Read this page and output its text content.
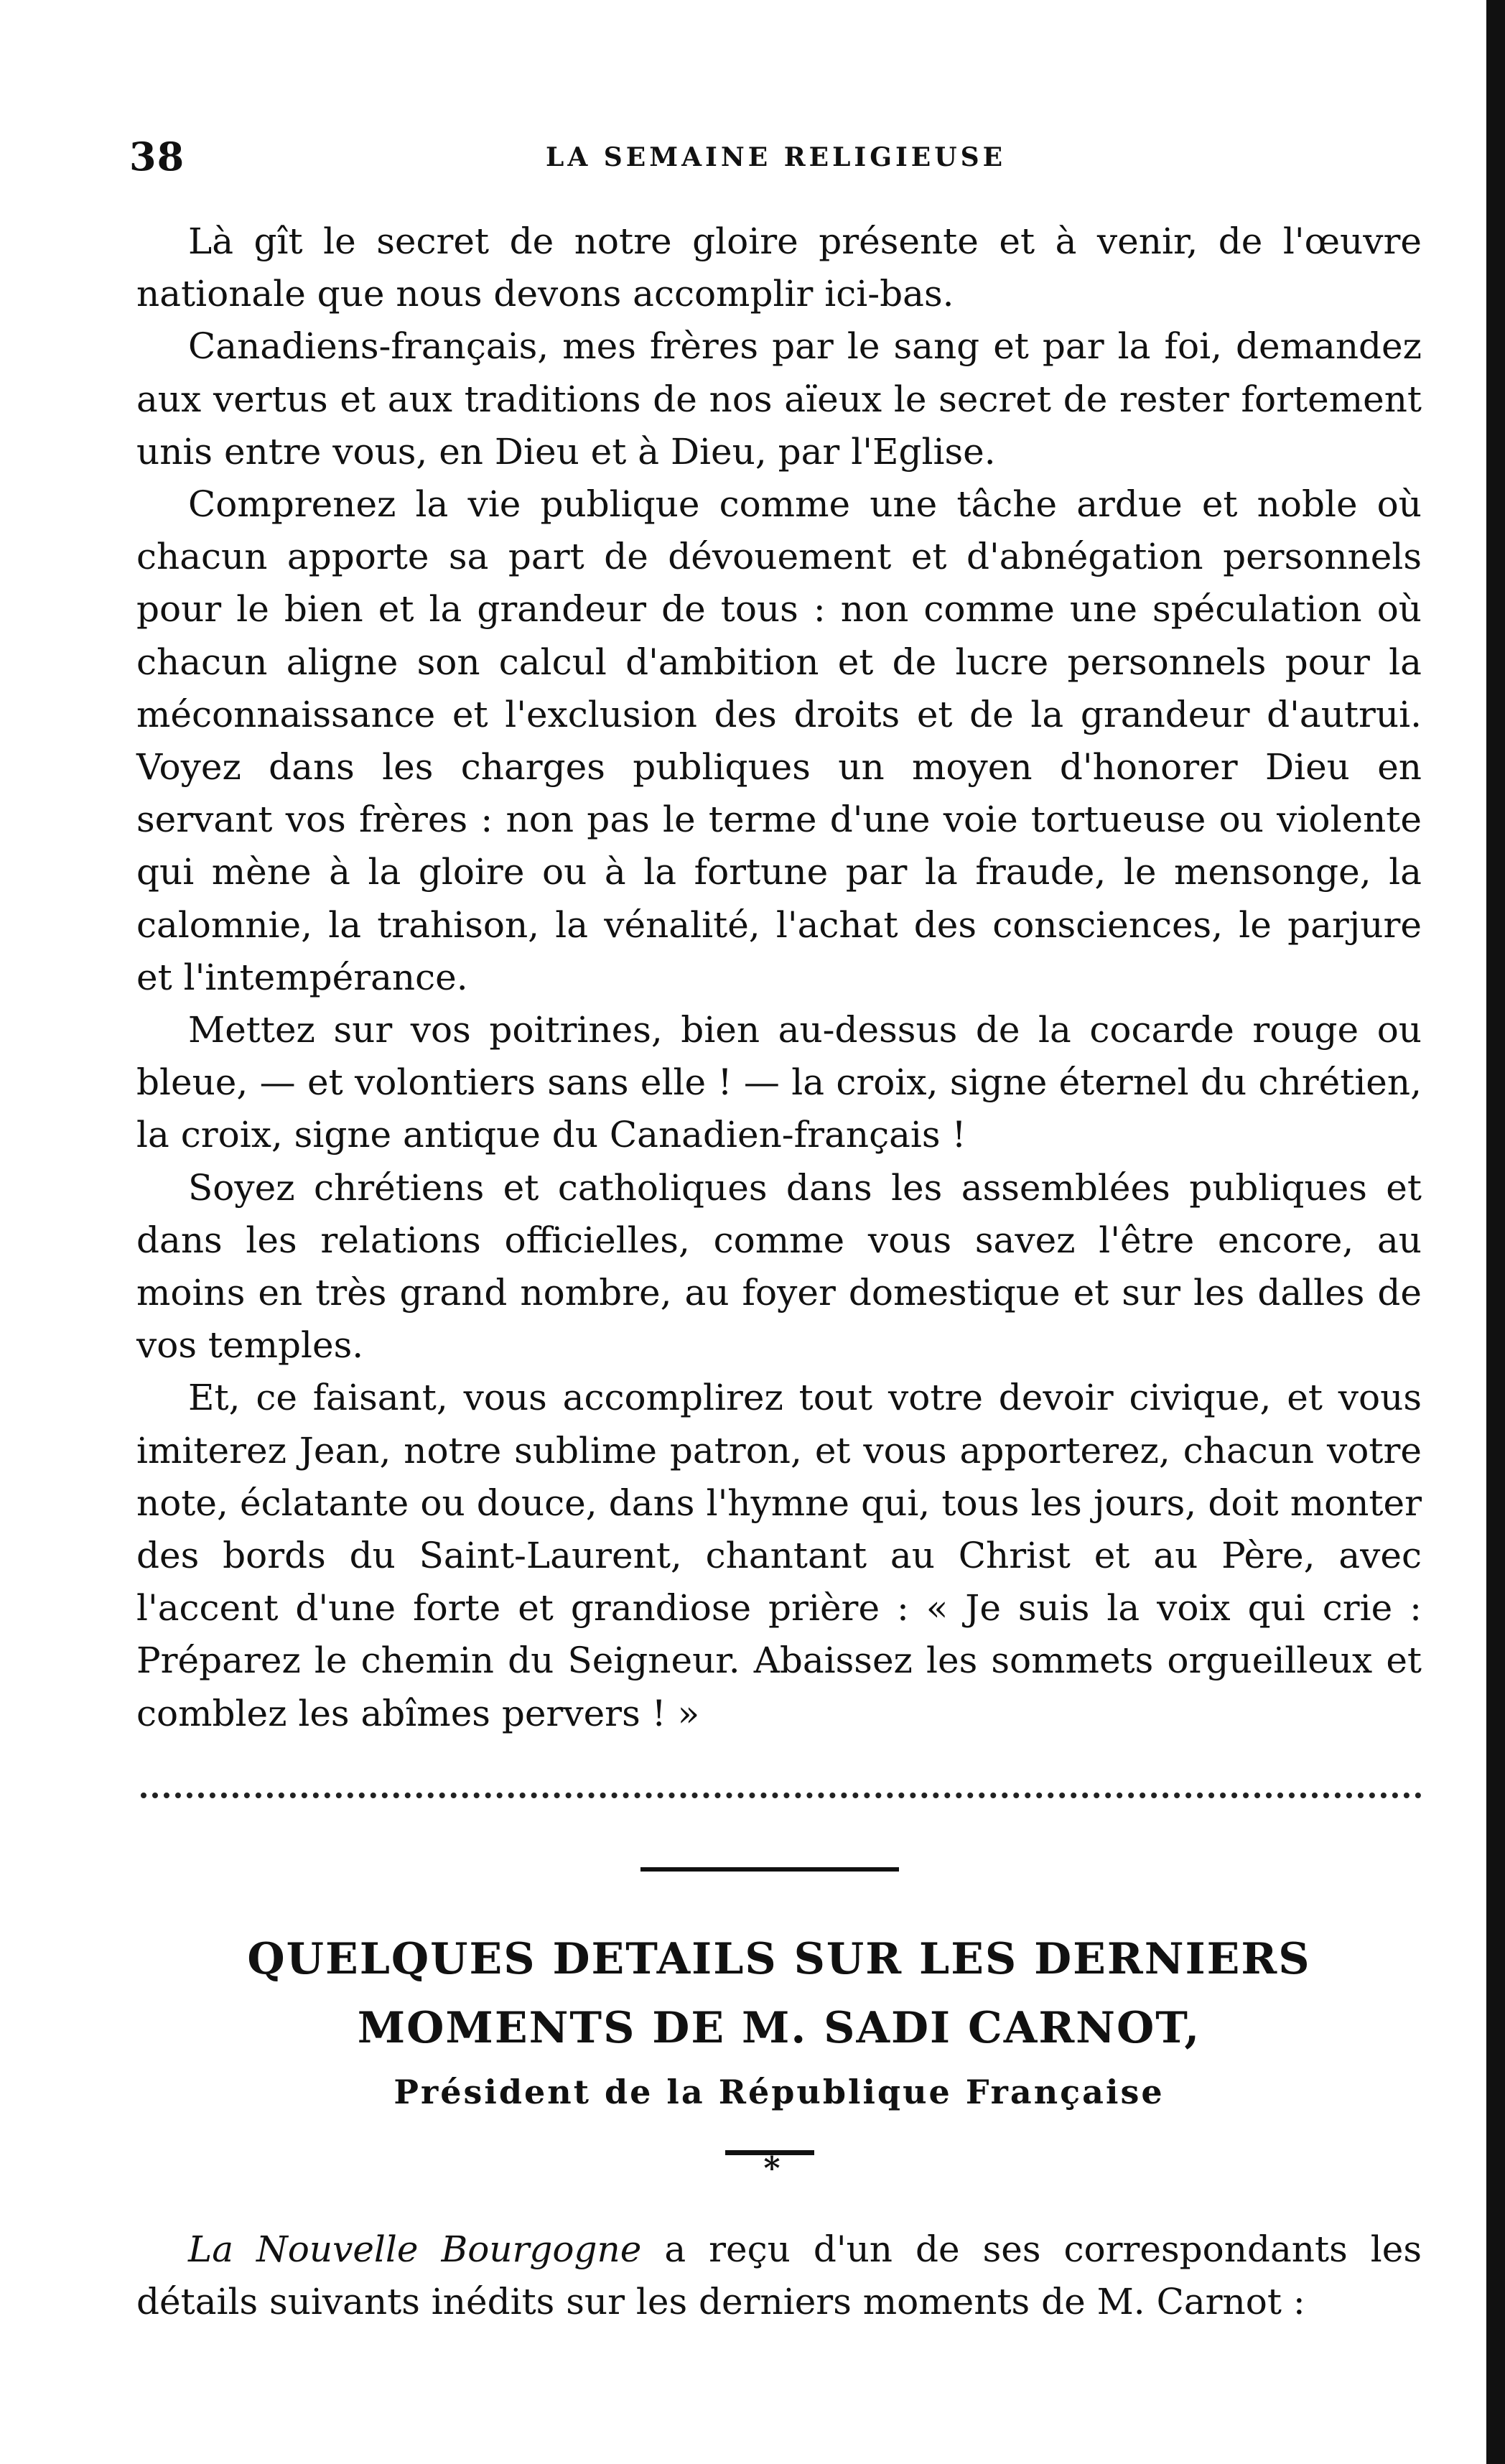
38	LA SEMAINE RELIGIEUSE

Là gît le secret de notre gloire présente et à venir, de l'œuvre nationale que nous devons accomplir ici-bas.

Canadiens-français, mes frères par le sang et par la foi, demandez aux vertus et aux traditions de nos aïeux le secret de rester fortement unis entre vous, en Dieu et à Dieu, par l'Eglise.

Comprenez la vie publique comme une tâche ardue et noble où chacun apporte sa part de dévouement et d'abnégation personnels pour le bien et la grandeur de tous : non comme une spéculation où chacun aligne son calcul d'ambition et de lucre personnels pour la méconnaissance et l'exclusion des droits et de la grandeur d'autrui. Voyez dans les charges publiques un moyen d'honorer Dieu en servant vos frères : non pas le terme d'une voie tortueuse ou violente qui mène à la gloire ou à la fortune par la fraude, le mensonge, la calomnie, la trahison, la vénalité, l'achat des consciences, le parjure et l'intempérance.

Mettez sur vos poitrines, bien au-dessus de la cocarde rouge ou bleue, — et volontiers sans elle ! — la croix, signe éternel du chrétien, la croix, signe antique du Canadien-français !

Soyez chrétiens et catholiques dans les assemblées publiques et dans les relations officielles, comme vous savez l'être encore, au moins en très grand nombre, au foyer domestique et sur les dalles de vos temples.

Et, ce faisant, vous accomplirez tout votre devoir civique, et vous imiterez Jean, notre sublime patron, et vous apporterez, chacun votre note, éclatante ou douce, dans l'hymne qui, tous les jours, doit monter des bords du Saint-Laurent, chantant au Christ et au Père, avec l'accent d'une forte et grandiose prière : « Je suis la voix qui crie : Préparez le chemin du Seigneur. Abaissez les sommets orgueilleux et comblez les abîmes pervers ! »

QUELQUES DETAILS SUR LES DERNIERS
MOMENTS DE M. SADI CARNOT,
Président de la République Française
*

La Nouvelle Bourgogne a reçu d'un de ses correspondants les détails suivants inédits sur les derniers moments de M. Carnot :
